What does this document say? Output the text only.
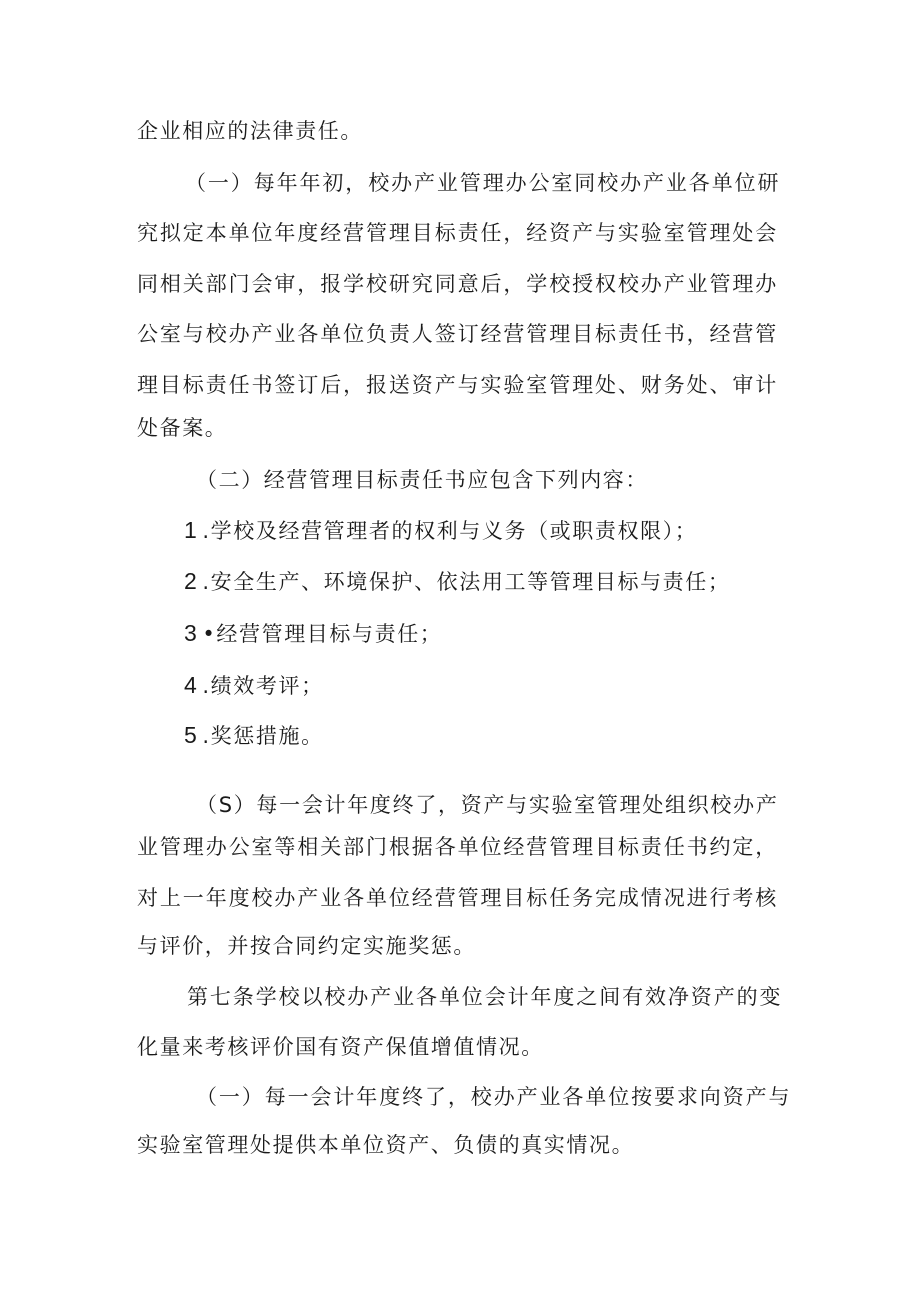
企业相应的法律责任。
（一）每年年初，校办产业管理办公室同校办产业各单位研
究拟定本单位年度经营管理目标责任，经资产与实验室管理处会
同相关部门会审，报学校研究同意后，学校授权校办产业管理办
公室与校办产业各单位负责人签订经营管理目标责任书，经营管
理目标责任书签订后，报送资产与实验室管理处、财务处、审计
处备案。
（二）经营管理目标责任书应包含下列内容：
1 .学校及经营管理者的权利与义务（或职责权限）；
2 .安全生产、环境保护、依法用工等管理目标与责任；
3 •经营管理目标与责任；
4 .绩效考评；
5 .奖惩措施。
（S）每一会计年度终了，资产与实验室管理处组织校办产
业管理办公室等相关部门根据各单位经营管理目标责任书约定，
对上一年度校办产业各单位经营管理目标任务完成情况进行考核
与评价，并按合同约定实施奖惩。
第七条学校以校办产业各单位会计年度之间有效净资产的变
化量来考核评价国有资产保值增值情况。
（一）每一会计年度终了，校办产业各单位按要求向资产与
实验室管理处提供本单位资产、负债的真实情况。
